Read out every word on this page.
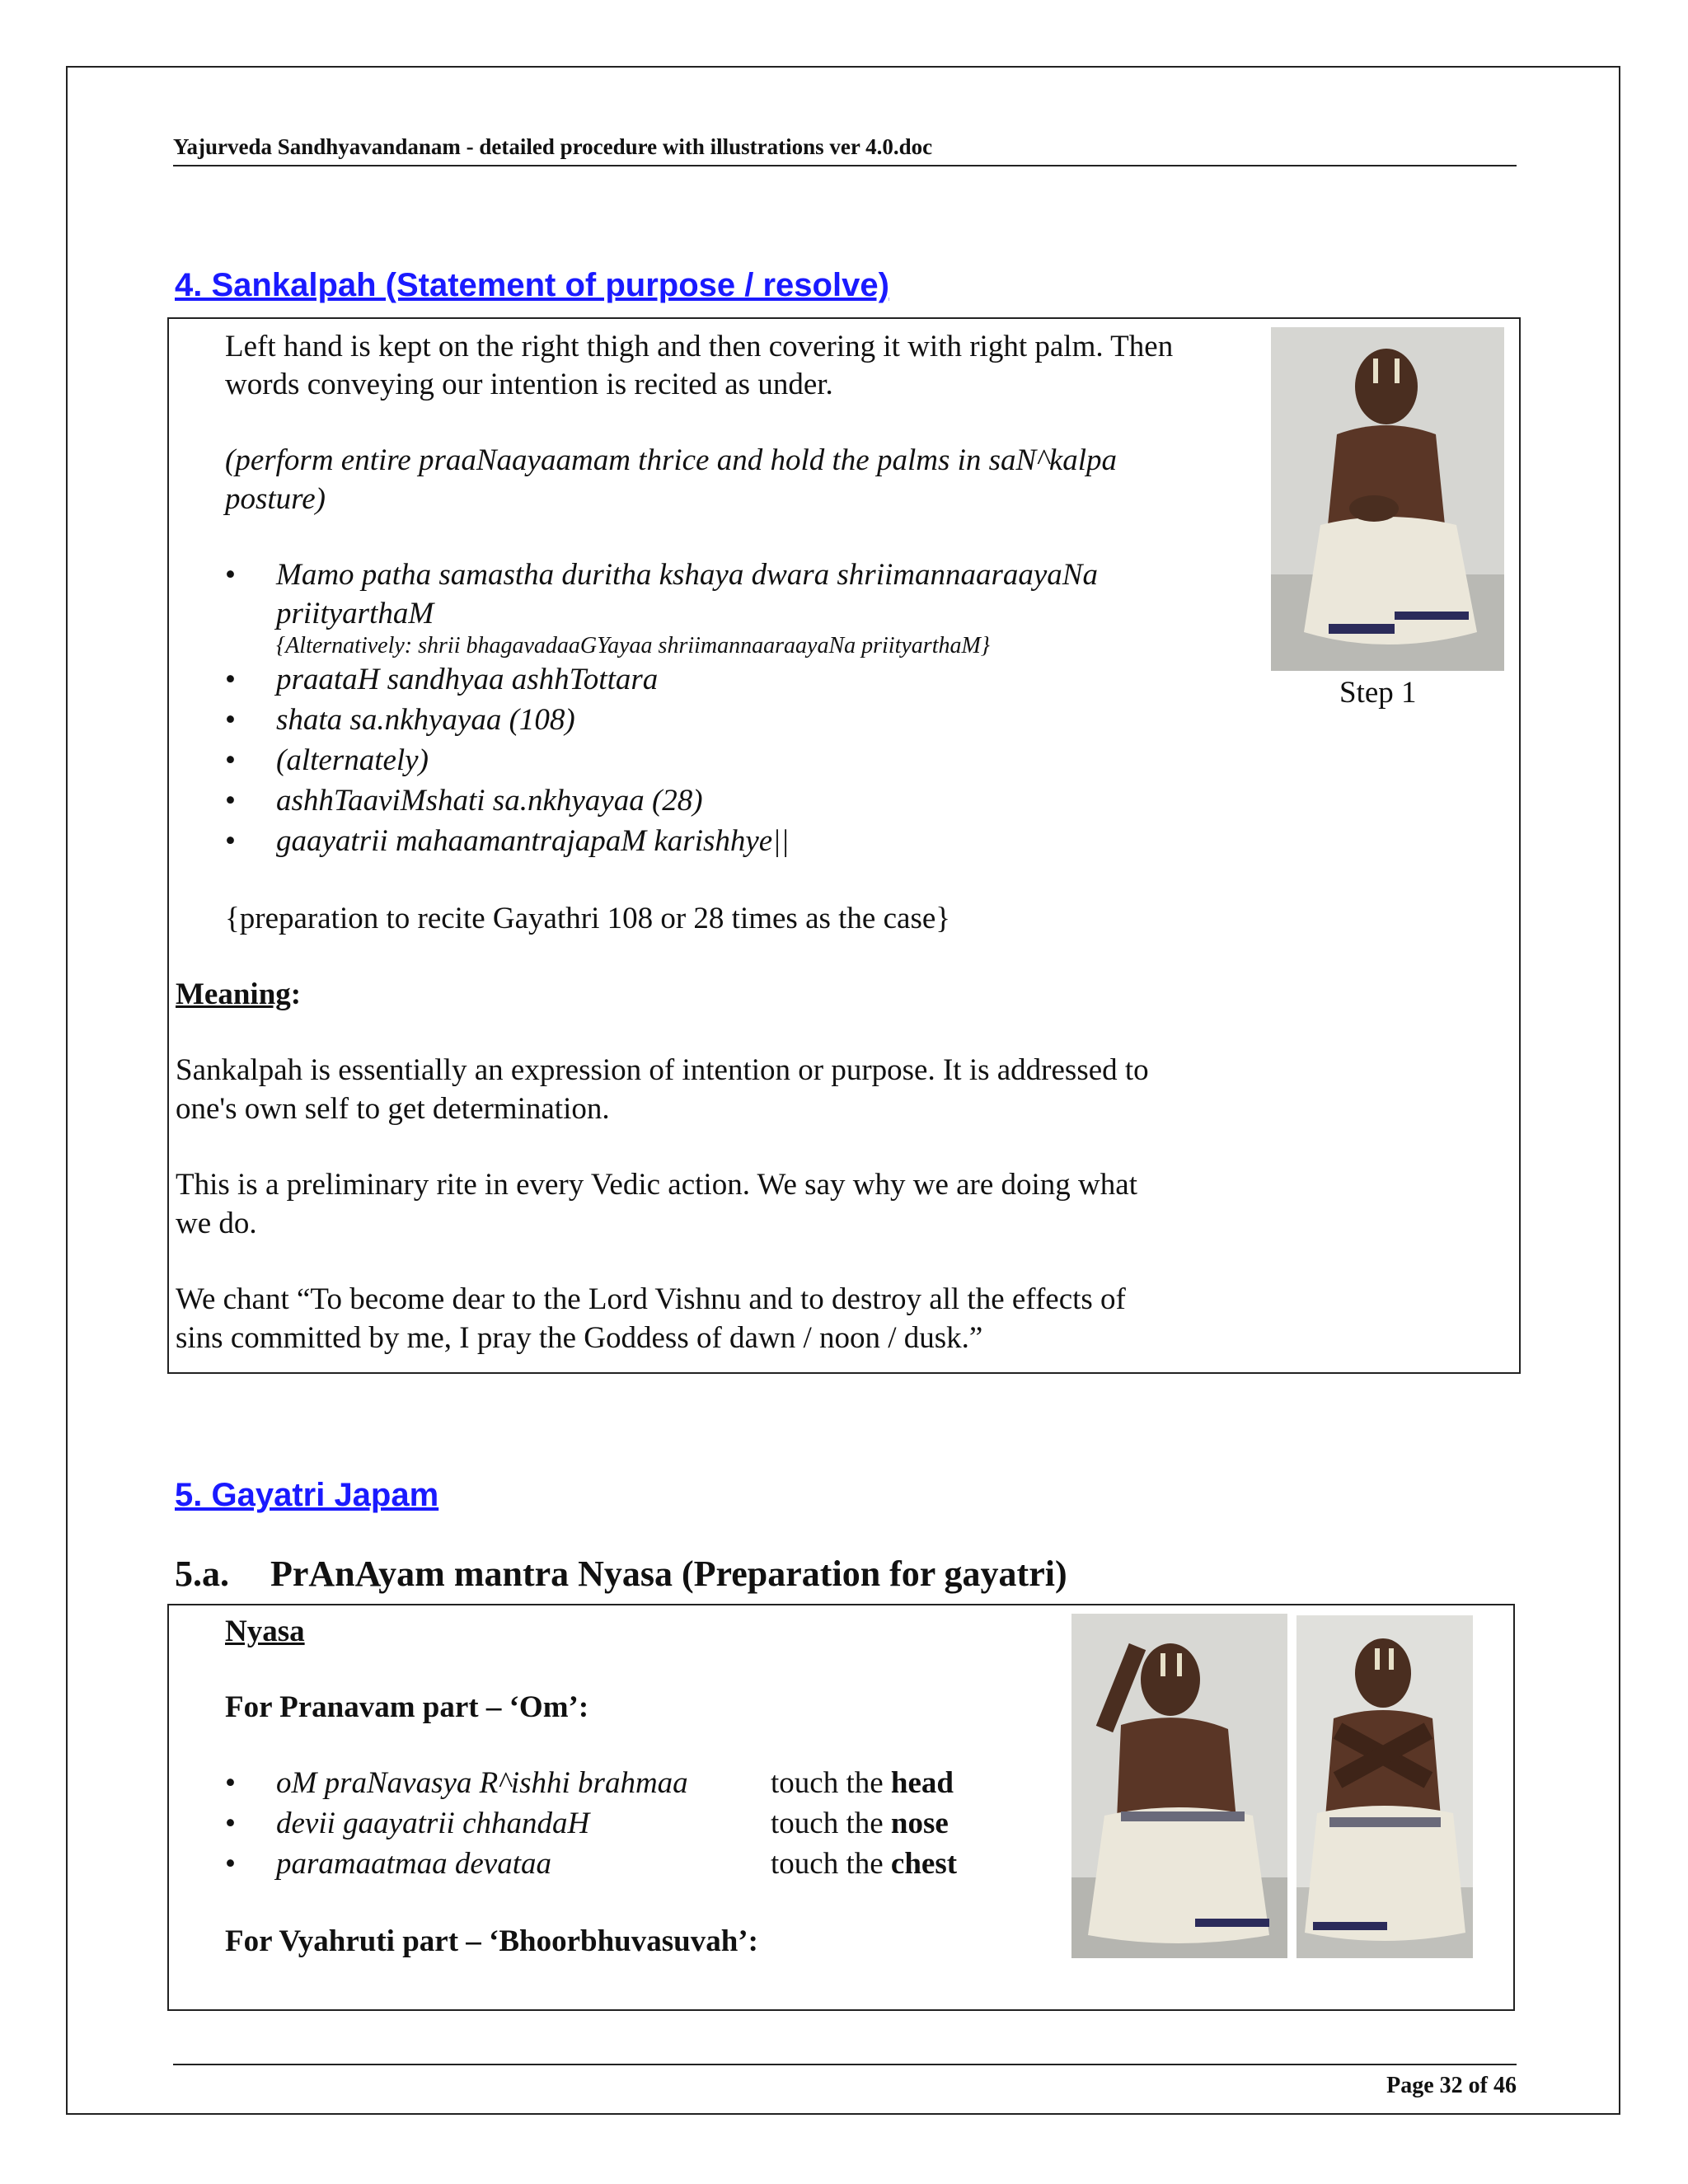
Yajurveda Sandhyavandanam - detailed procedure with illustrations ver 4.0.doc
4. Sankalpah (Statement of purpose / resolve)
Left hand is kept on the right thigh and then covering it with right palm. Then
words conveying our intention is recited as under.
(perform entire praaNaayaamam thrice and hold the palms in saN^kalpa
posture)
• Mamo patha samastha duritha kshaya dwara shriimannaaraayaNa
priityarthaM
{Alternatively: shrii bhagavadaaGYayaa shriimannaaraayaNa priityarthaM}
• praataH sandhyaa ashhTottara
• shata sa.nkhyayaa (108)
• (alternately)
• ashhTaaviMshati sa.nkhyayaa (28)
• gaayatrii mahaamantrajapaM karishhye||
{preparation to recite Gayathri 108 or 28 times as the case}
Meaning:
Sankalpah is essentially an expression of intention or purpose. It is addressed to
one's own self to get determination.
This is a preliminary rite in every Vedic action. We say why we are doing what
we do.
We chant “To become dear to the Lord Vishnu and to destroy all the effects of
sins committed by me, I pray the Goddess of dawn / noon / dusk.”
Step 1
5. Gayatri Japam
5.a. PrAnAyam mantra Nyasa (Preparation for gayatri)
Nyasa
For Pranavam part – ‘Om’:
• oM praNavasya R^ishhi brahmaa	touch the head
• devii gaayatrii chhandaH	touch the nose
• paramaatmaa devataa	touch the chest
For Vyahruti part – ‘Bhoorbhuvasuvah’:
Page 32 of 46
